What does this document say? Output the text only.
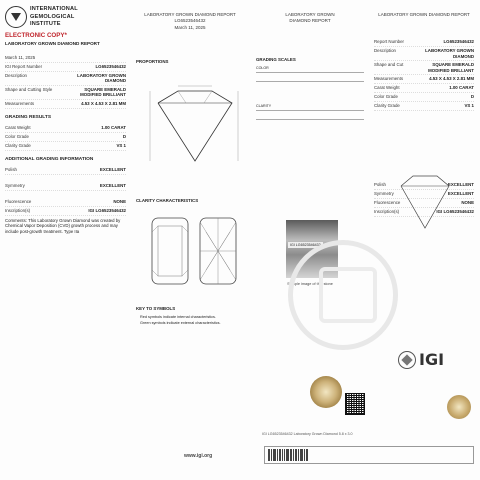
INTERNATIONAL
GEMOLOGICAL
INSTITUTE
ELECTRONIC COPY*
LABORATORY GROWN DIAMOND REPORT
March 11, 2025
IGI Report Number	LG6523546432
Description	LABORATORY GROWN DIAMOND
Shape and Cutting Style	SQUARE EMERALD MODIFIED BRILLIANT
Measurements	4.53 X 4.53 X 2.81 MM
GRADING RESULTS
Carat Weight	1.00 CARAT
Color Grade	D
Clarity Grade	VS 1
ADDITIONAL GRADING INFORMATION
Polish	EXCELLENT
Symmetry	EXCELLENT
Fluorescence	NONE
Inscription(s)	IGI LG6523546432
Comments: This Laboratory Grown Diamond was created by Chemical Vapor Deposition (CVD) growth process and may include post-growth treatment. Type IIa
LABORATORY GROWN DIAMOND REPORT
LG6523546432
March 11, 2025
PROPORTIONS
CLARITY CHARACTERISTICS
KEY TO SYMBOLS
Red symbols indicate internal characteristics.
Green symbols indicate external characteristics.
www.igi.org
LABORATORY GROWN
DIAMOND REPORT
GRADING SCALES
COLOR

CLARITY

IGI LG6523546432
Sample image of this stone
IGI LG6523546432 Laboratory Grown Diamond 5.8 x 3.0
LABORATORY GROWN DIAMOND REPORT
Report Number	LG6523546432
Description	LABORATORY GROWN DIAMOND
Shape and Cut	SQUARE EMERALD MODIFIED BRILLIANT
Measurements	4.53 X 4.53 X 2.81 MM
Carat Weight	1.00 CARAT
Color Grade	D
Clarity Grade	VS 1
Polish	EXCELLENT
Symmetry	EXCELLENT
Fluorescence	NONE
Inscription(s)	IGI LG6523546432
IGI
